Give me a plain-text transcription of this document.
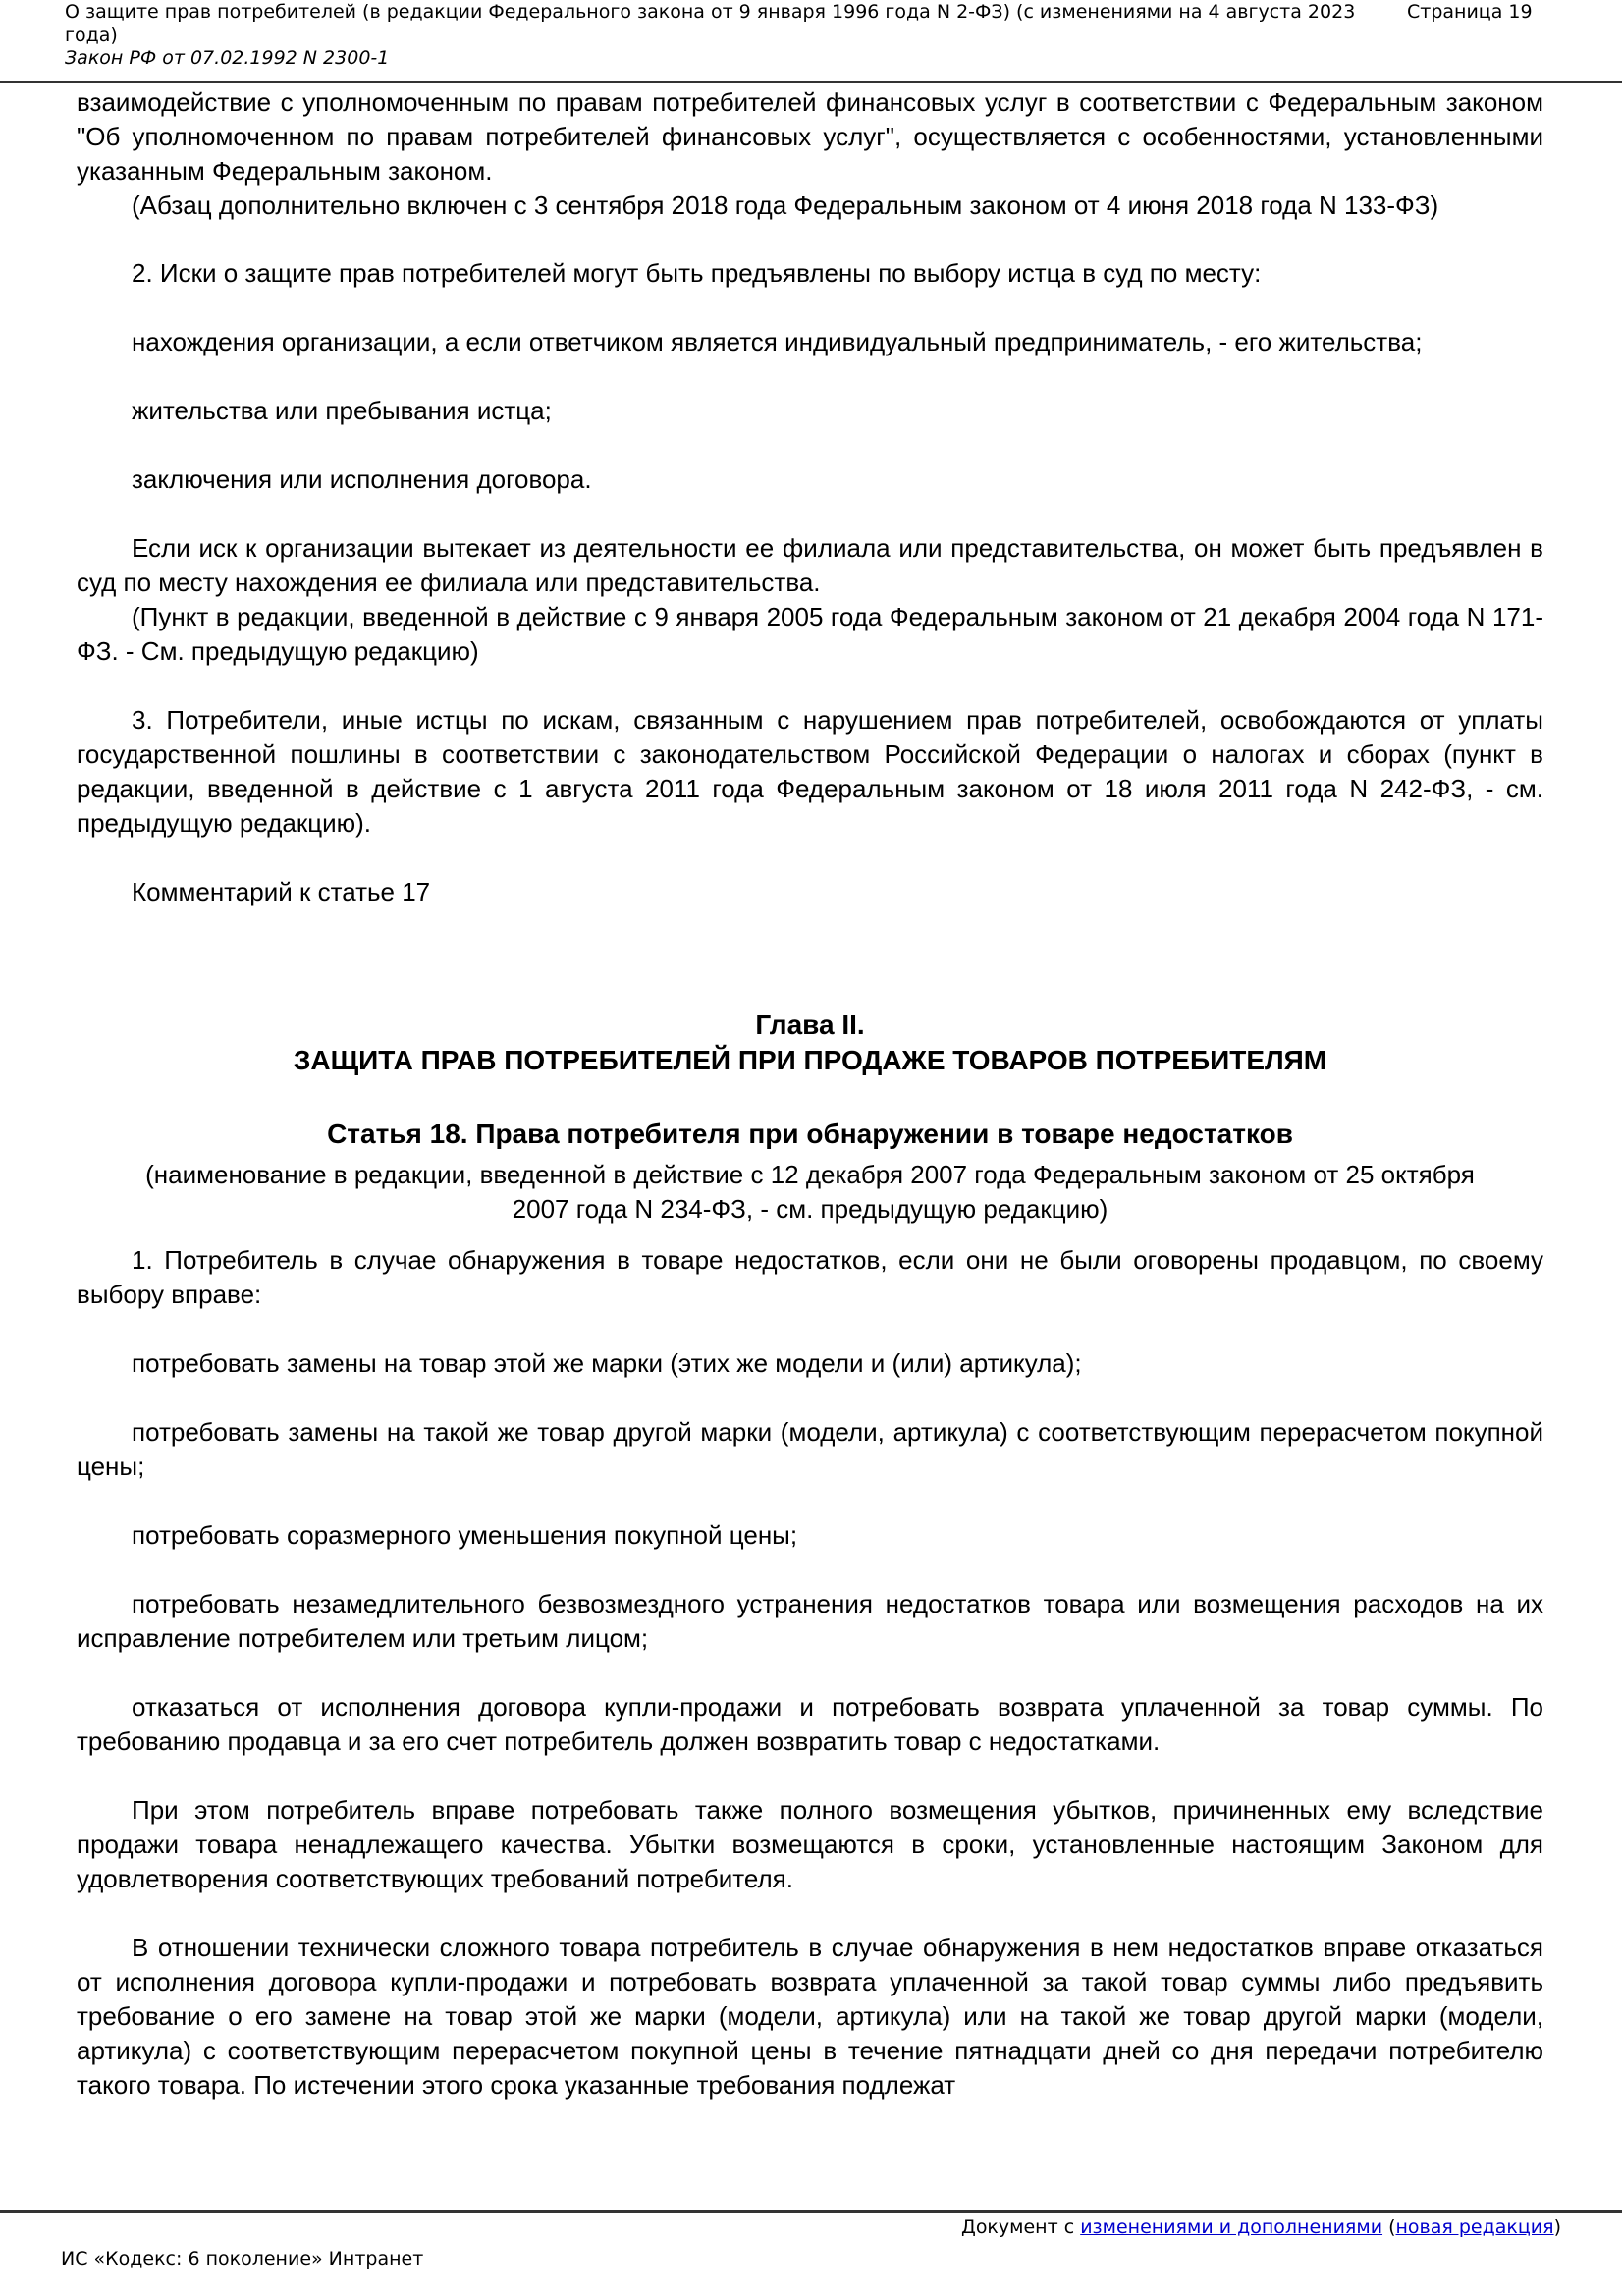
О защите прав потребителей (в редакции Федерального закона от 9 января 1996 года N 2-ФЗ) (с изменениями на 4 августа 2023 года)
Страница 19
Закон РФ от 07.02.1992 N 2300-1

взаимодействие с уполномоченным по правам потребителей финансовых услуг в соответствии с Федеральным законом "Об уполномоченном по правам потребителей финансовых услуг", осуществляется с особенностями, установленными указанным Федеральным законом.

(Абзац дополнительно включен с 3 сентября 2018 года Федеральным законом от 4 июня 2018 года N 133-ФЗ)

2. Иски о защите прав потребителей могут быть предъявлены по выбору истца в суд по месту:

нахождения организации, а если ответчиком является индивидуальный предприниматель, - его жительства;

жительства или пребывания истца;

заключения или исполнения договора.

Если иск к организации вытекает из деятельности ее филиала или представительства, он может быть предъявлен в суд по месту нахождения ее филиала или представительства.

(Пункт в редакции, введенной в действие с 9 января 2005 года Федеральным законом от 21 декабря 2004 года N 171-ФЗ. - См. предыдущую редакцию)

3. Потребители, иные истцы по искам, связанным с нарушением прав потребителей, освобождаются от уплаты государственной пошлины в соответствии с законодательством Российской Федерации о налогах и сборах (пункт в редакции, введенной в действие с 1 августа 2011 года Федеральным законом от 18 июля 2011 года N 242-ФЗ, - см. предыдущую редакцию).

Комментарий к статье 17

Глава II.

ЗАЩИТА ПРАВ ПОТРЕБИТЕЛЕЙ ПРИ ПРОДАЖЕ ТОВАРОВ ПОТРЕБИТЕЛЯМ

Статья 18. Права потребителя при обнаружении в товаре недостатков

(наименование в редакции, введенной в действие с 12 декабря 2007 года Федеральным законом от 25 октября 2007 года N 234-ФЗ, - см. предыдущую редакцию)

1. Потребитель в случае обнаружения в товаре недостатков, если они не были оговорены продавцом, по своему выбору вправе:

потребовать замены на товар этой же марки (этих же модели и (или) артикула);

потребовать замены на такой же товар другой марки (модели, артикула) с соответствующим перерасчетом покупной цены;

потребовать соразмерного уменьшения покупной цены;

потребовать незамедлительного безвозмездного устранения недостатков товара или возмещения расходов на их исправление потребителем или третьим лицом;

отказаться от исполнения договора купли-продажи и потребовать возврата уплаченной за товар суммы. По требованию продавца и за его счет потребитель должен возвратить товар с недостатками.

При этом потребитель вправе потребовать также полного возмещения убытков, причиненных ему вследствие продажи товара ненадлежащего качества. Убытки возмещаются в сроки, установленные настоящим Законом для удовлетворения соответствующих требований потребителя.

В отношении технически сложного товара потребитель в случае обнаружения в нем недостатков вправе отказаться от исполнения договора купли-продажи и потребовать возврата уплаченной за такой товар суммы либо предъявить требование о его замене на товар этой же марки (модели, артикула) или на такой же товар другой марки (модели, артикула) с соответствующим перерасчетом покупной цены в течение пятнадцати дней со дня передачи потребителю такого товара. По истечении этого срока указанные требования подлежат

Документ с изменениями и дополнениями (новая редакция)
ИС «Кодекс: 6 поколение» Интранет
